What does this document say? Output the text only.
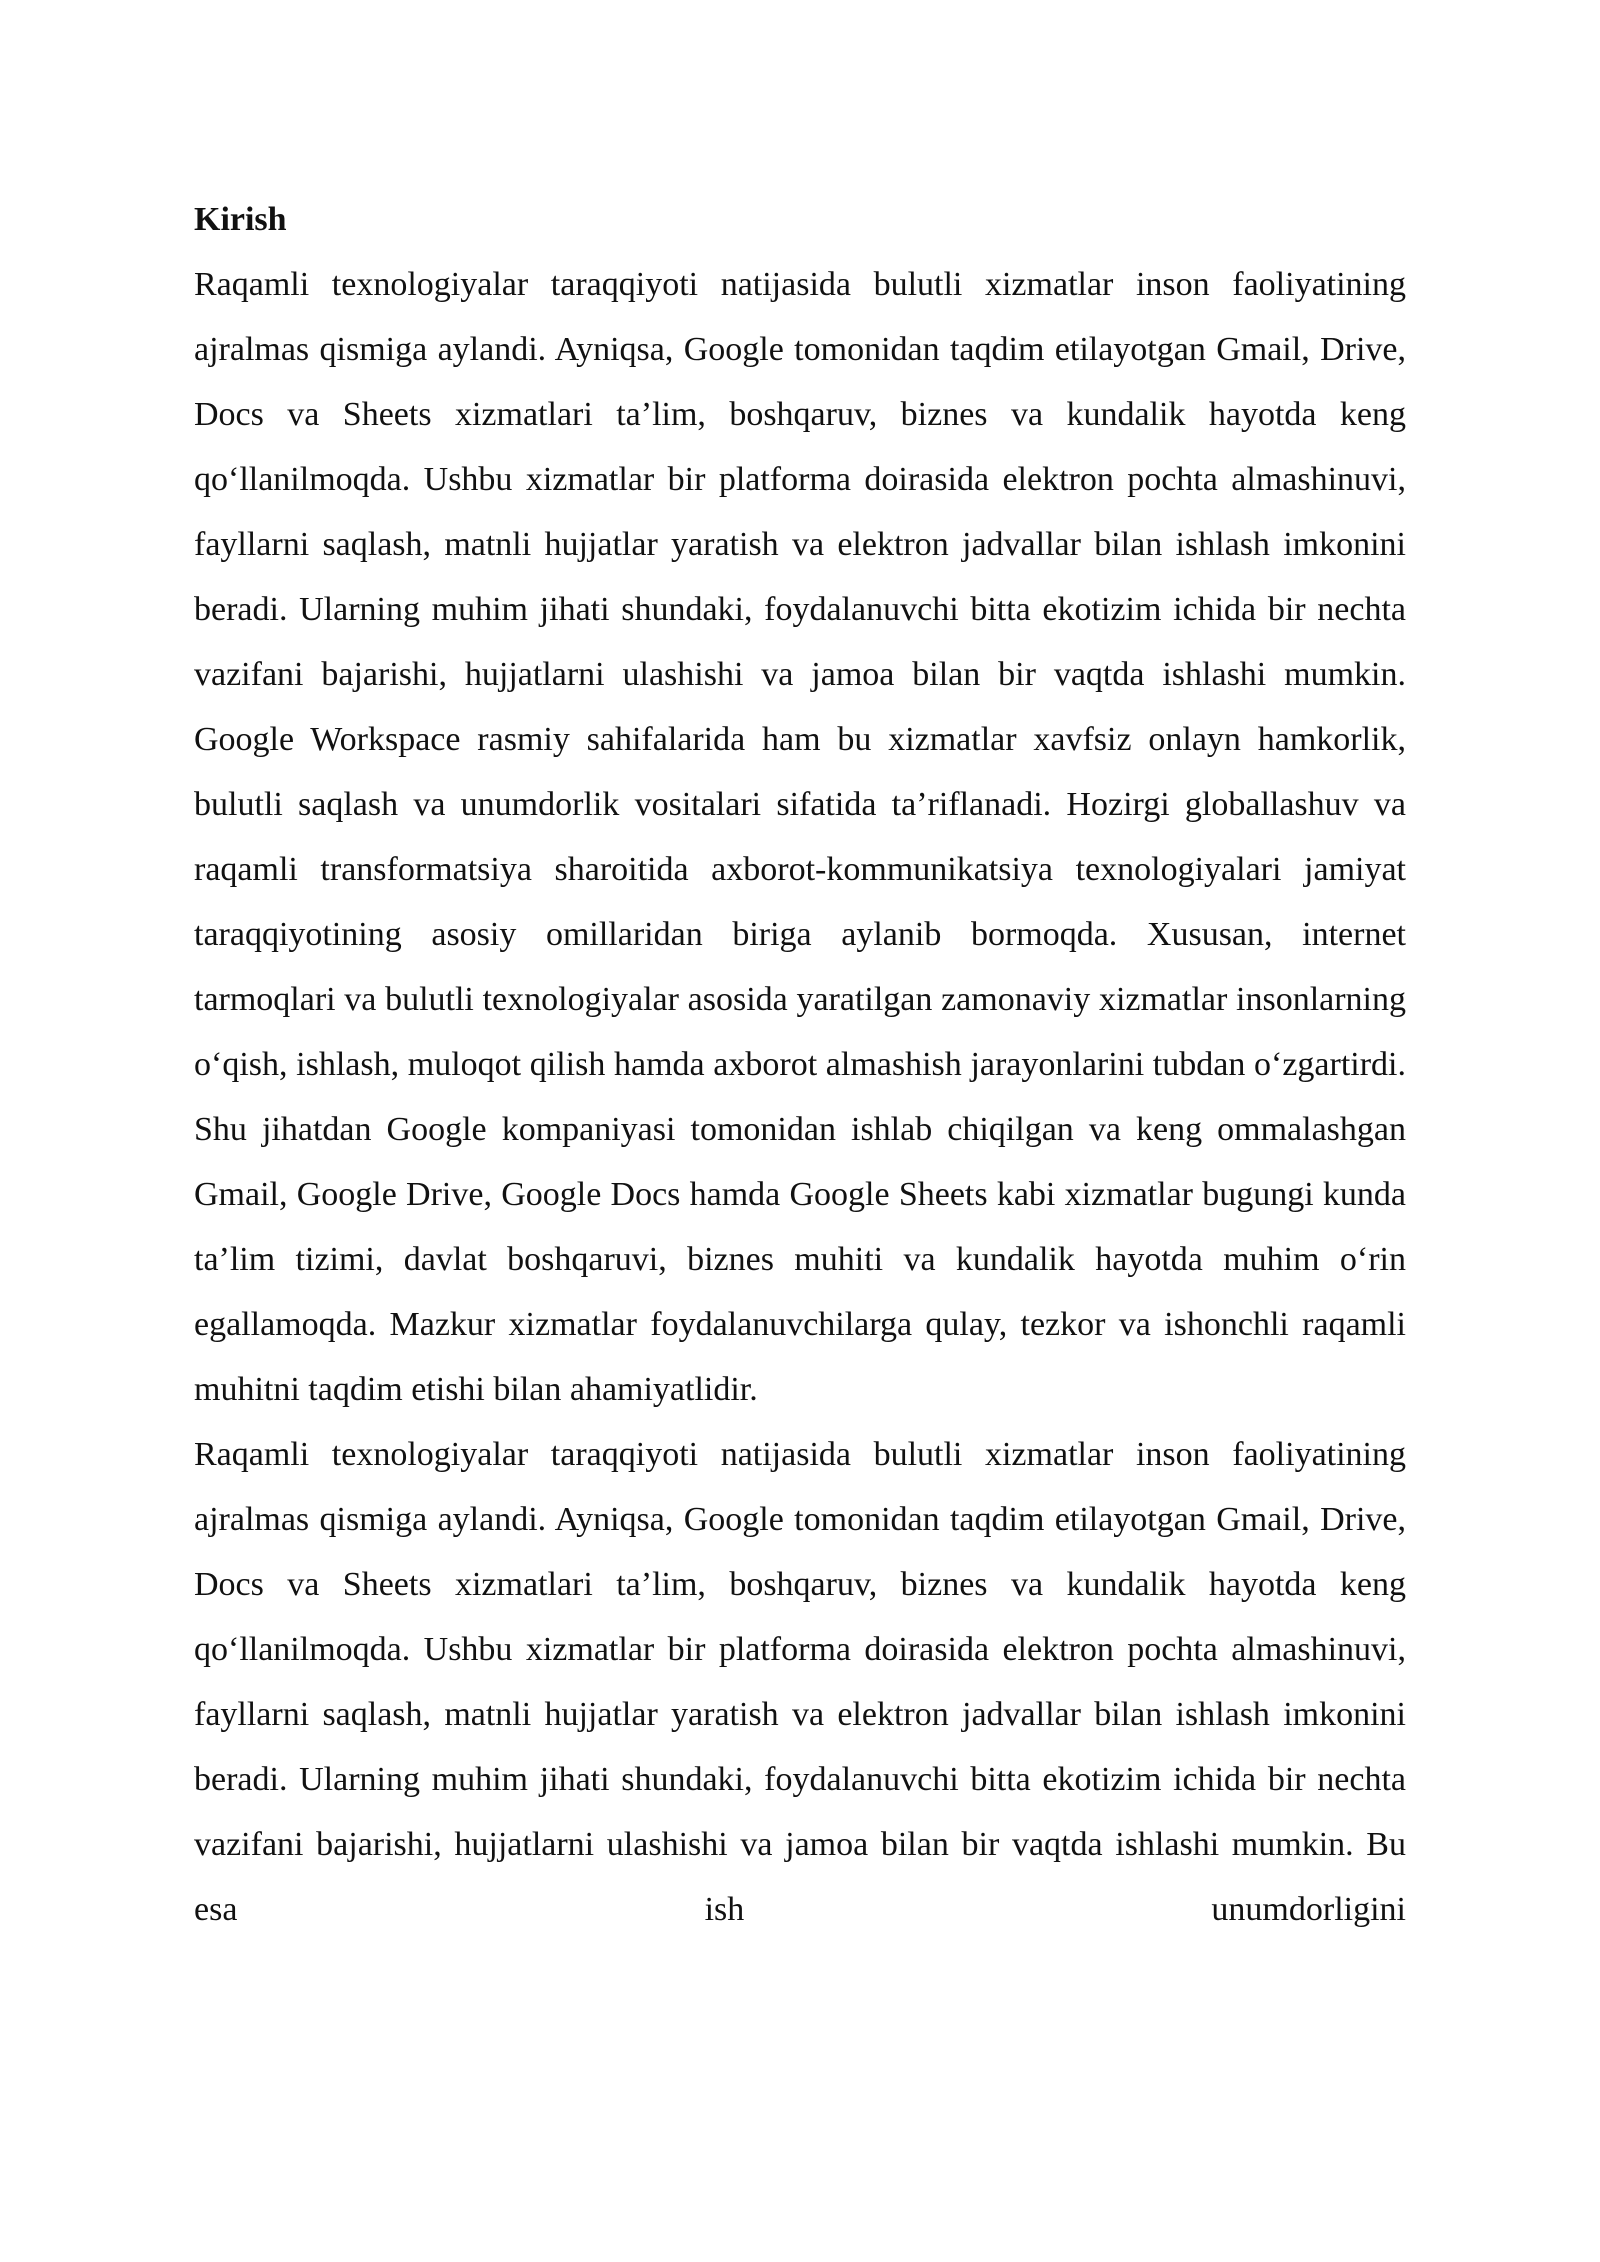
Kirish

Raqamli texnologiyalar taraqqiyoti natijasida bulutli xizmatlar inson faoliyatining ajralmas qismiga aylandi. Ayniqsa, Google tomonidan taqdim etilayotgan Gmail, Drive, Docs va Sheets xizmatlari ta’lim, boshqaruv, biznes va kundalik hayotda keng qo‘llanilmoqda. Ushbu xizmatlar bir platforma doirasida elektron pochta almashinuvi, fayllarni saqlash, matnli hujjatlar yaratish va elektron jadvallar bilan ishlash imkonini beradi. Ularning muhim jihati shundaki, foydalanuvchi bitta ekotizim ichida bir nechta vazifani bajarishi, hujjatlarni ulashishi va jamoa bilan bir vaqtda ishlashi mumkin. Google Workspace rasmiy sahifalarida ham bu xizmatlar xavfsiz onlayn hamkorlik, bulutli saqlash va unumdorlik vositalari sifatida ta’riflanadi. Hozirgi globallashuv va raqamli transformatsiya sharoitida axborot-kommunikatsiya texnologiyalari jamiyat taraqqiyotining asosiy omillaridan biriga aylanib bormoqda. Xususan, internet tarmoqlari va bulutli texnologiyalar asosida yaratilgan zamonaviy xizmatlar insonlarning o‘qish, ishlash, muloqot qilish hamda axborot almashish jarayonlarini tubdan o‘zgartirdi. Shu jihatdan Google kompaniyasi tomonidan ishlab chiqilgan va keng ommalashgan Gmail, Google Drive, Google Docs hamda Google Sheets kabi xizmatlar bugungi kunda ta’lim tizimi, davlat boshqaruvi, biznes muhiti va kundalik hayotda muhim o‘rin egallamoqda. Mazkur xizmatlar foydalanuvchilarga qulay, tezkor va ishonchli raqamli muhitni taqdim etishi bilan ahamiyatlidir.

Raqamli texnologiyalar taraqqiyoti natijasida bulutli xizmatlar inson faoliyatining ajralmas qismiga aylandi. Ayniqsa, Google tomonidan taqdim etilayotgan Gmail, Drive, Docs va Sheets xizmatlari ta’lim, boshqaruv, biznes va kundalik hayotda keng qo‘llanilmoqda. Ushbu xizmatlar bir platforma doirasida elektron pochta almashinuvi, fayllarni saqlash, matnli hujjatlar yaratish va elektron jadvallar bilan ishlash imkonini beradi. Ularning muhim jihati shundaki, foydalanuvchi bitta ekotizim ichida bir nechta vazifani bajarishi, hujjatlarni ulashishi va jamoa bilan bir vaqtda ishlashi mumkin. Bu esa ish unumdorligini
